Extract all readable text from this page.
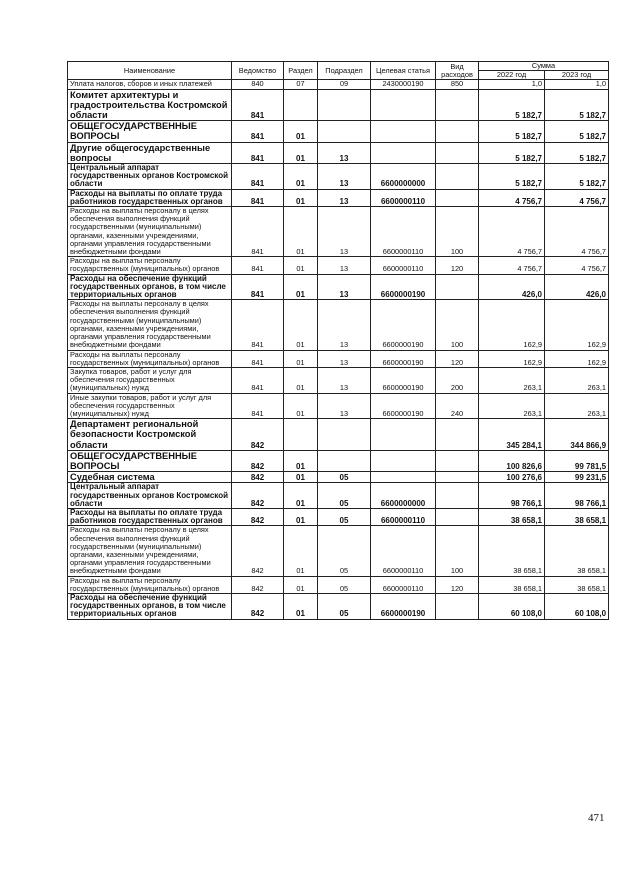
Наименование	Ведомство	Раздел	Подраздел	Целевая статья	Вид расходов	Сумма	
						2022 год	2023 год
Уплата налогов, сборов и иных платежей	840	07	09	2430000190	850	1,0	1,0
Комитет архитектуры и градостроительства Костромской области	841					5 182,7	5 182,7
ОБЩЕГОСУДАРСТВЕННЫЕ ВОПРОСЫ	841	01				5 182,7	5 182,7
Другие общегосударственные вопросы	841	01	13			5 182,7	5 182,7
Центральный аппарат государственных органов Костромской области	841	01	13	6600000000		5 182,7	5 182,7
Расходы на выплаты по оплате труда работников государственных органов	841	01	13	6600000110		4 756,7	4 756,7
Расходы на выплаты персоналу в целях обеспечения выполнения функций государственными (муниципальными) органами, казенными учреждениями, органами управления государственными внебюджетными фондами	841	01	13	6600000110	100	4 756,7	4 756,7
Расходы на выплаты персоналу государственных (муниципальных) органов	841	01	13	6600000110	120	4 756,7	4 756,7
Расходы на обеспечение функций государственных органов, в том числе территориальных органов	841	01	13	6600000190		426,0	426,0
Расходы на выплаты персоналу в целях обеспечения выполнения функций государственными (муниципальными) органами, казенными учреждениями, органами управления государственными внебюджетными фондами	841	01	13	6600000190	100	162,9	162,9
Расходы на выплаты персоналу государственных (муниципальных) органов	841	01	13	6600000190	120	162,9	162,9
Закупка товаров, работ и услуг для обеспечения государственных (муниципальных) нужд	841	01	13	6600000190	200	263,1	263,1
Иные закупки товаров, работ и услуг для обеспечения государственных (муниципальных) нужд	841	01	13	6600000190	240	263,1	263,1
Департамент региональной безопасности Костромской области	842					345 284,1	344 866,9
ОБЩЕГОСУДАРСТВЕННЫЕ ВОПРОСЫ	842	01				100 826,6	99 781,5
Судебная система	842	01	05			100 276,6	99 231,5
Центральный аппарат государственных органов Костромской области	842	01	05	6600000000		98 766,1	98 766,1
Расходы на выплаты по оплате труда работников государственных органов	842	01	05	6600000110		38 658,1	38 658,1
Расходы на выплаты персоналу в целях обеспечения выполнения функций государственными (муниципальными) органами, казенными учреждениями, органами управления государственными внебюджетными фондами	842	01	05	6600000110	100	38 658,1	38 658,1
Расходы на выплаты персоналу государственных (муниципальных) органов	842	01	05	6600000110	120	38 658,1	38 658,1
Расходы на обеспечение функций государственных органов, в том числе территориальных органов	842	01	05	6600000190		60 108,0	60 108,0
471
